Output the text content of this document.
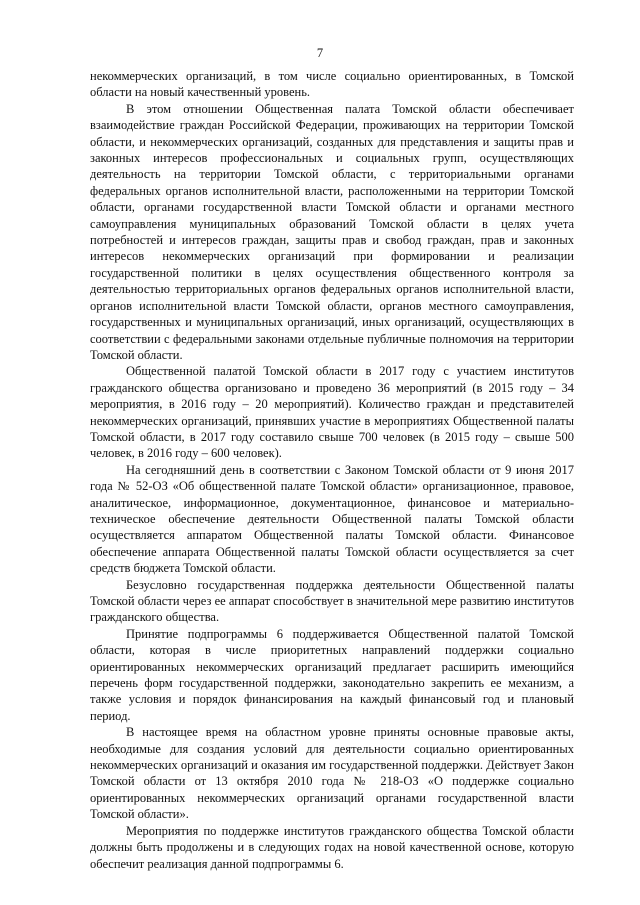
7

некоммерческих организаций, в том числе социально ориентированных, в Томской области на новый качественный уровень.

В этом отношении Общественная палата Томской области обеспечивает взаимодействие граждан Российской Федерации, проживающих на территории Томской области, и некоммерческих организаций, созданных для представления и защиты прав и законных интересов профессиональных и социальных групп, осуществляющих деятельность на территории Томской области, с территориальными органами федеральных органов исполнительной власти, расположенными на территории Томской области, органами государственной власти Томской области и органами местного самоуправления муниципальных образований Томской области в целях учета потребностей и интересов граждан, защиты прав и свобод граждан, прав и законных интересов некоммерческих организаций при формировании и реализации государственной политики в целях осуществления общественного контроля за деятельностью территориальных органов федеральных органов исполнительной власти, органов исполнительной власти Томской области, органов местного самоуправления, государственных и муниципальных организаций, иных организаций, осуществляющих в соответствии с федеральными законами отдельные публичные полномочия на территории Томской области.

Общественной палатой Томской области в 2017 году с участием институтов гражданского общества организовано и проведено 36 мероприятий (в 2015 году – 34 мероприятия, в 2016 году – 20 мероприятий). Количество граждан и представителей некоммерческих организаций, принявших участие в мероприятиях Общественной палаты Томской области, в 2017 году составило свыше 700 человек (в 2015 году – свыше 500 человек, в 2016 году – 600 человек).

На сегодняшний день в соответствии с Законом Томской области от 9 июня 2017 года № 52-ОЗ «Об общественной палате Томской области» организационное, правовое, аналитическое, информационное, документационное, финансовое и материально-техническое обеспечение деятельности Общественной палаты Томской области осуществляется аппаратом Общественной палаты Томской области. Финансовое обеспечение аппарата Общественной палаты Томской области осуществляется за счет средств бюджета Томской области.

Безусловно государственная поддержка деятельности Общественной палаты Томской области через ее аппарат способствует в значительной мере развитию институтов гражданского общества.

Принятие подпрограммы 6 поддерживается Общественной палатой Томской области, которая в числе приоритетных направлений поддержки социально ориентированных некоммерческих организаций предлагает расширить имеющийся перечень форм государственной поддержки, законодательно закрепить ее механизм, а также условия и порядок финансирования на каждый финансовый год и плановый период.

В настоящее время на областном уровне приняты основные правовые акты, необходимые для создания условий для деятельности социально ориентированных некоммерческих организаций и оказания им государственной поддержки. Действует Закон Томской области от 13 октября 2010 года № 218-ОЗ «О поддержке социально ориентированных некоммерческих организаций органами государственной власти Томской области».

Мероприятия по поддержке институтов гражданского общества Томской области должны быть продолжены и в следующих годах на новой качественной основе, которую обеспечит реализация данной подпрограммы 6.
